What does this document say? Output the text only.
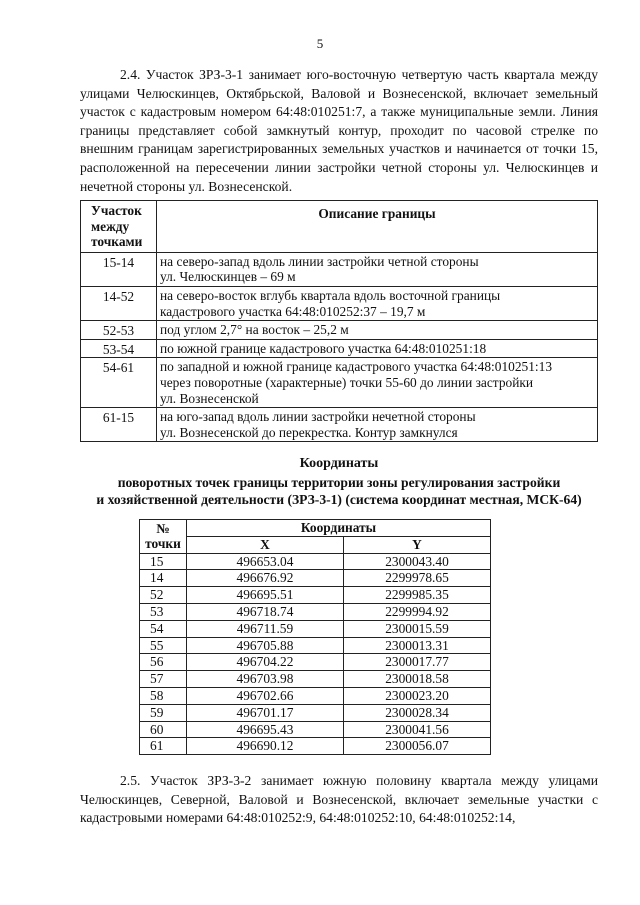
5

2.4. Участок ЗРЗ-3-1 занимает юго-восточную четвертую часть квартала между улицами Челюскинцев, Октябрьской, Валовой и Вознесенской, включает земельный участок с кадастровым номером 64:48:010251:7, а также муниципальные земли. Линия границы представляет собой замкнутый контур, проходит по часовой стрелке по внешним границам зарегистрированных земельных участков и начинается от точки 15, расположенной на пересечении линии застройки четной стороны ул. Челюскинцев и нечетной стороны ул. Вознесенской.

Участок между точками	Описание границы
15-14	на северо-запад вдоль линии застройки четной стороны
ул. Челюскинцев – 69 м
14-52	на северо-восток вглубь квартала вдоль восточной границы
кадастрового участка 64:48:010252:37 – 19,7 м
52-53	под углом 2,7° на восток – 25,2 м
53-54	по южной границе кадастрового участка 64:48:010251:18
54-61	по западной и южной границе кадастрового участка 64:48:010251:13
через поворотные (характерные) точки 55-60 до линии застройки
ул. Вознесенской
61-15	на юго-запад вдоль линии застройки нечетной стороны
ул. Вознесенской до перекрестка. Контур замкнулся
Координаты

поворотных точек границы территории зоны регулирования застройки
и хозяйственной деятельности (ЗРЗ-3-1) (система координат местная, МСК-64)

№
точки	Координаты	
	X	Y
15	496653.04	2300043.40
14	496676.92	2299978.65
52	496695.51	2299985.35
53	496718.74	2299994.92
54	496711.59	2300015.59
55	496705.88	2300013.31
56	496704.22	2300017.77
57	496703.98	2300018.58
58	496702.66	2300023.20
59	496701.17	2300028.34
60	496695.43	2300041.56
61	496690.12	2300056.07

2.5. Участок ЗРЗ-3-2 занимает южную половину квартала между улицами Челюскинцев, Северной, Валовой и Вознесенской, включает земельные участки с кадастровыми номерами 64:48:010252:9, 64:48:010252:10, 64:48:010252:14,
